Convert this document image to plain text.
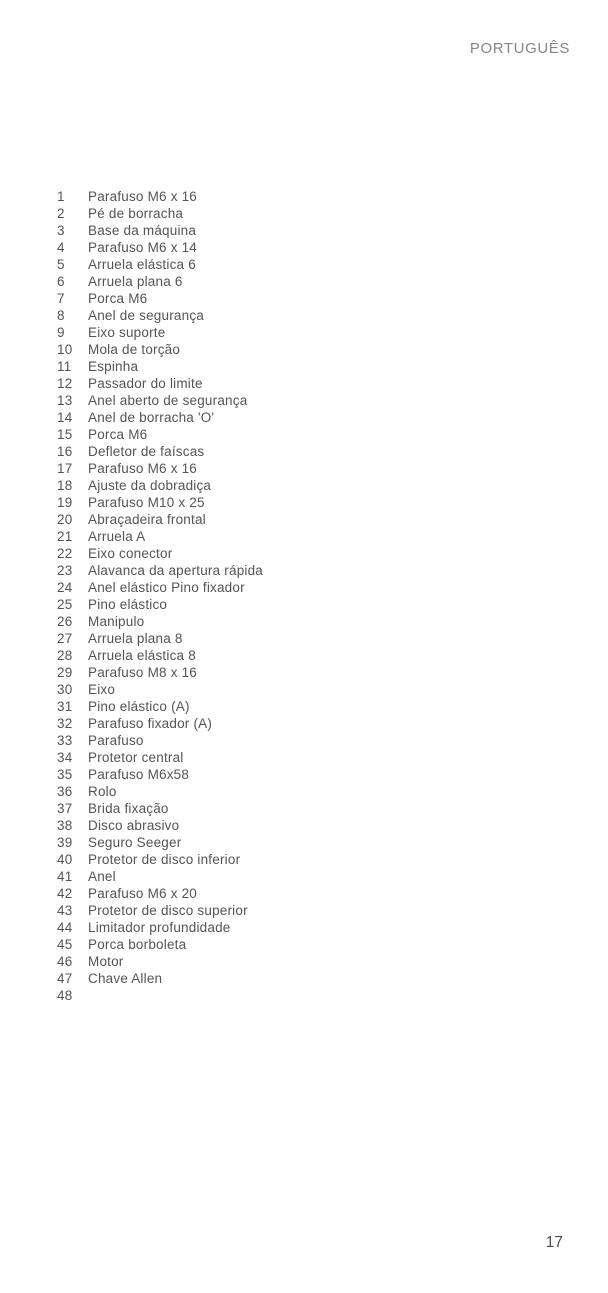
PORTUGUÊS
1	Parafuso M6 x 16
2	Pé de borracha
3	Base da máquina
4	Parafuso M6 x 14
5	Arruela elástica 6
6	Arruela plana 6
7	Porca M6
8	Anel de segurança
9	Eixo suporte
10	Mola de torção
11	Espinha
12	Passador do limite
13	Anel aberto de segurança
14	Anel de borracha 'O'
15	Porca M6
16	Defletor de faíscas
17	Parafuso M6 x 16
18	Ajuste da dobradiça
19	Parafuso M10 x 25
20	Abraçadeira frontal
21	Arruela A
22	Eixo conector
23	Alavanca da apertura rápida
24	Anel elástico Pino fixador
25	Pino elástico
26	Manipulo
27	Arruela plana 8
28	Arruela elástica 8
29	Parafuso M8 x 16
30	Eixo
31	Pino elástico (A)
32	Parafuso fixador (A)
33	Parafuso
34	Protetor central
35	Parafuso M6x58
36	Rolo
37	Brida fixação
38	Disco abrasivo
39	Seguro Seeger
40	Protetor de disco inferior
41	Anel
42	Parafuso M6 x 20
43	Protetor de disco superior
44	Limitador profundidade
45	Porca borboleta
46	Motor
47	Chave Allen
48
17
